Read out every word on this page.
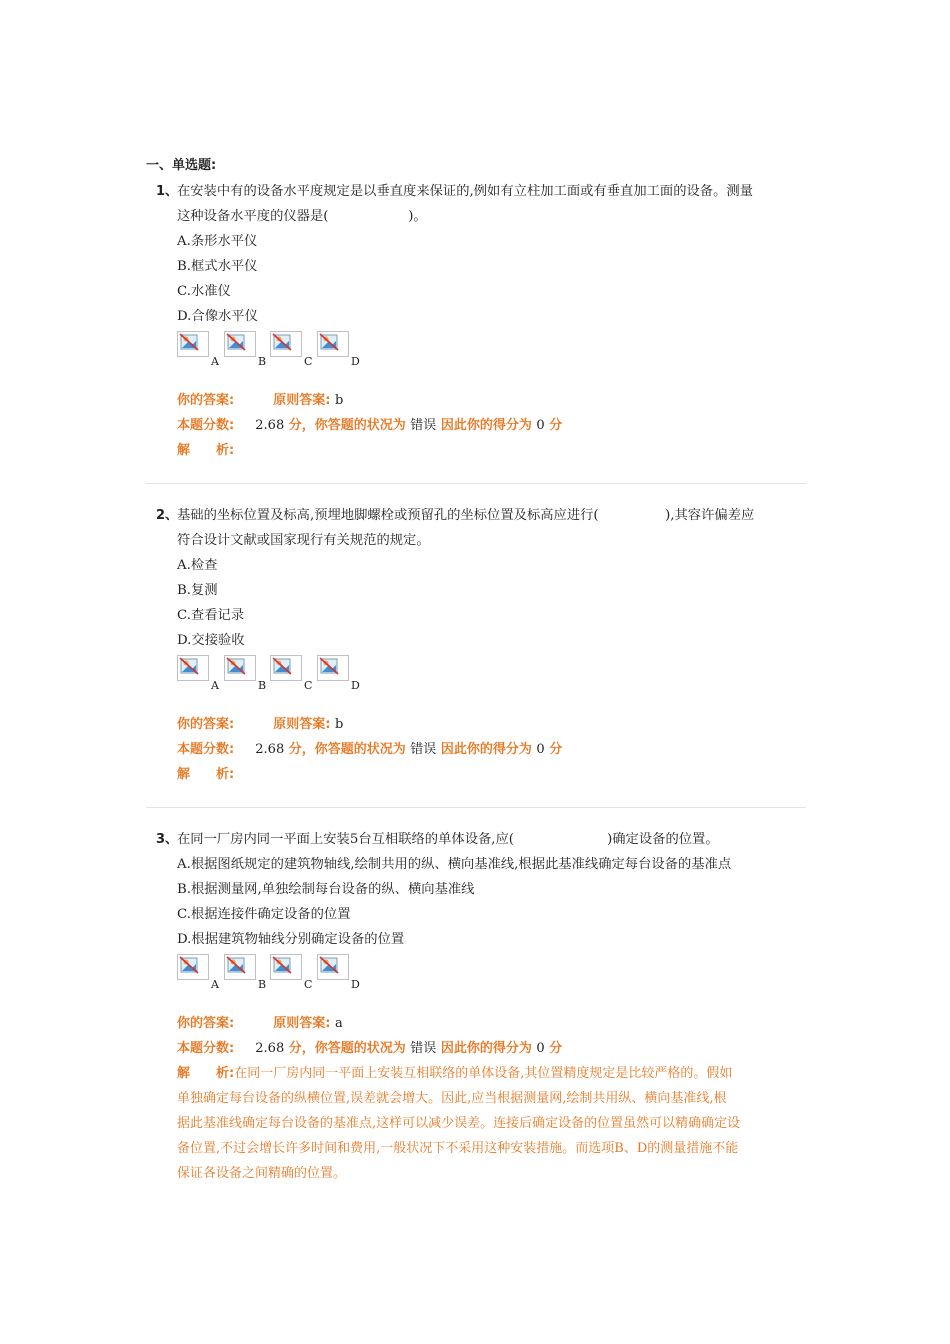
一、单选题:
1、
在安装中有的设备水平度规定是以垂直度来保证的,例如有立柱加工面或有垂直加工面的设备。测量
这种设备水平度的仪器是(　　　　　　)。
A.条形水平仪
B.框式水平仪
C.水准仪
D.合像水平仪
A	B	C	D
你的答案:	原则答案: b
本题分数: 2.68 分，你答题的状况为 错误 因此你的得分为 0 分
解　　析:
2、
基础的坐标位置及标高,预埋地脚螺栓或预留孔的坐标位置及标高应进行(　　　　　),其容许偏差应
符合设计文献或国家现行有关规范的规定。
A.检查
B.复测
C.查看记录
D.交接验收
A	B	C	D
你的答案:	原则答案: b
本题分数: 2.68 分，你答题的状况为 错误 因此你的得分为 0 分
解　　析:
3、
在同一厂房内同一平面上安装5台互相联络的单体设备,应(　　　　　　　)确定设备的位置。
A.根据图纸规定的建筑物轴线,绘制共用的纵、横向基准线,根据此基准线确定每台设备的基准点
B.根据测量网,单独绘制每台设备的纵、横向基准线
C.根据连接件确定设备的位置
D.根据建筑物轴线分别确定设备的位置
A	B	C	D
你的答案:	原则答案: a
本题分数: 2.68 分，你答题的状况为 错误 因此你的得分为 0 分
解　　析:在同一厂房内同一平面上安装互相联络的单体设备,其位置精度规定是比较严格的。假如
单独确定每台设备的纵横位置,误差就会增大。因此,应当根据测量网,绘制共用纵、横向基准线,根
据此基准线确定每台设备的基准点,这样可以减少误差。连接后确定设备的位置虽然可以精确确定设
备位置,不过会增长许多时间和费用,一般状况下不采用这种安装措施。而选项B、D的测量措施不能
保证各设备之间精确的位置。
